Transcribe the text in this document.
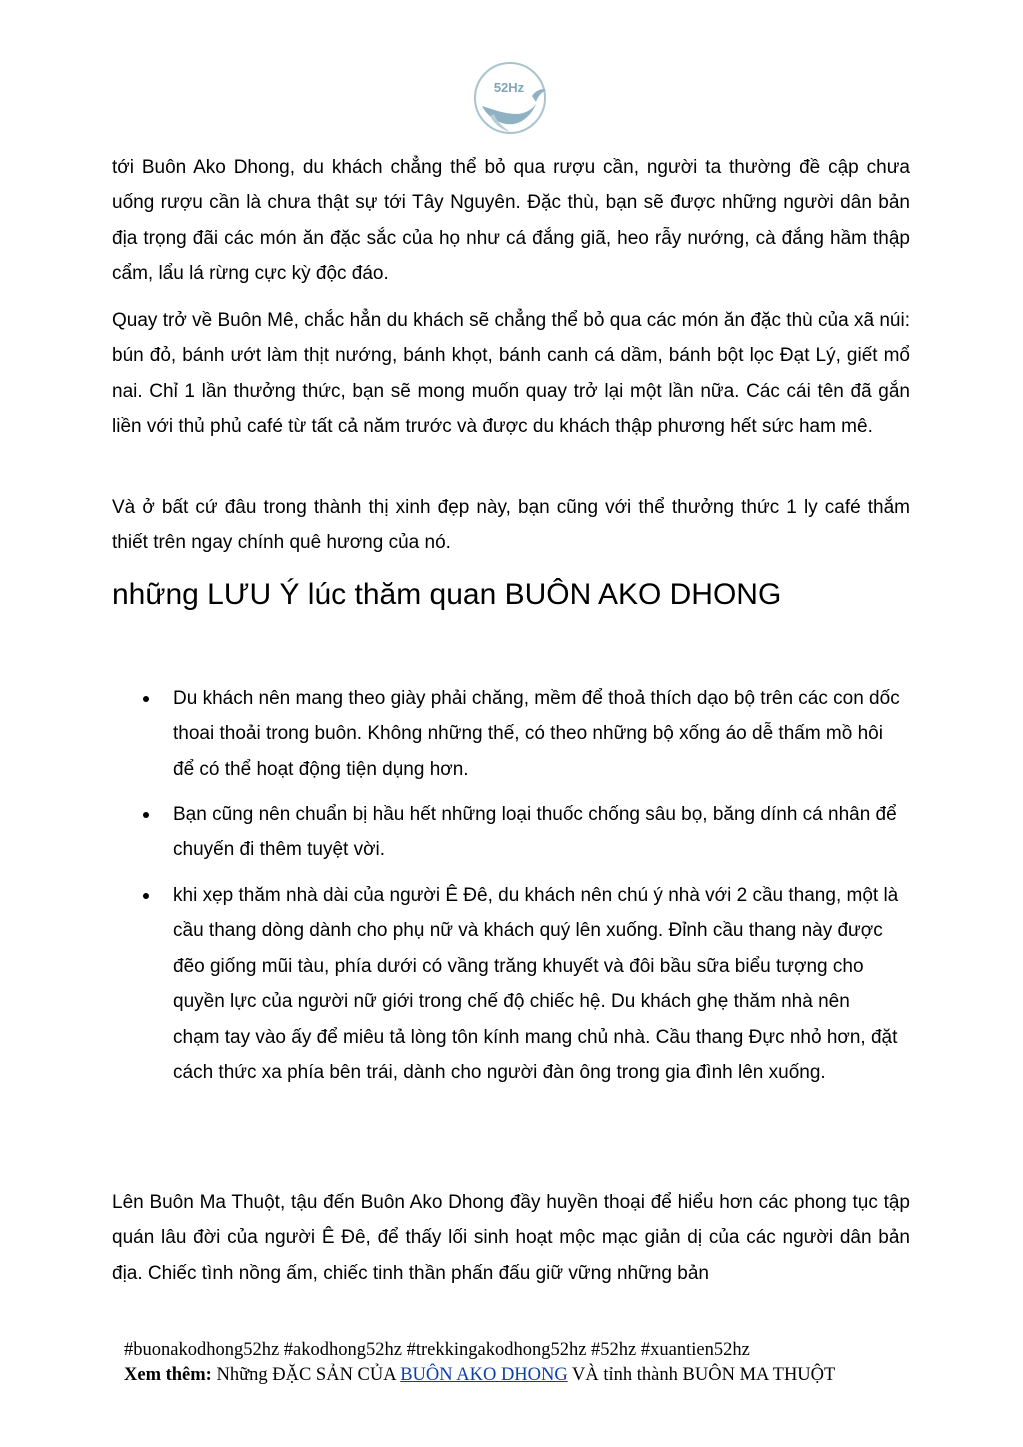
52Hz

tới Buôn Ako Dhong, du khách chẳng thể bỏ qua rượu cần, người ta thường đề cập chưa uống rượu cần là chưa thật sự tới Tây Nguyên. Đặc thù, bạn sẽ được những người dân bản địa trọng đãi các món ăn đặc sắc của họ như cá đắng giã, heo rẫy nướng, cà đắng hầm thập cẩm, lẩu lá rừng cực kỳ độc đáo.

Quay trở về Buôn Mê, chắc hẳn du khách sẽ chẳng thể bỏ qua các món ăn đặc thù của xã núi: bún đỏ, bánh ướt làm thịt nướng, bánh khọt, bánh canh cá dầm, bánh bột lọc Đạt Lý, giết mổ nai. Chỉ 1 lần thưởng thức, bạn sẽ mong muốn quay trở lại một lần nữa. Các cái tên đã gắn liền với thủ phủ café từ tất cả năm trước và được du khách thập phương hết sức ham mê.

Và ở bất cứ đâu trong thành thị xinh đẹp này, bạn cũng với thể thưởng thức 1 ly café thắm thiết trên ngay chính quê hương của nó.

những LƯU Ý lúc thăm quan BUÔN AKO DHONG
Du khách nên mang theo giày phải chăng, mềm để thoả thích dạo bộ trên các con dốc thoai thoải trong buôn. Không những thế, có theo những bộ xống áo dễ thấm mồ hôi để có thể hoạt động tiện dụng hơn.
Bạn cũng nên chuẩn bị hầu hết những loại thuốc chống sâu bọ, băng dính cá nhân để chuyến đi thêm tuyệt vời.
khi xẹp thăm nhà dài của người Ê Đê, du khách nên chú ý nhà với 2 cầu thang, một là cầu thang dòng dành cho phụ nữ và khách quý lên xuống. Đỉnh cầu thang này được đẽo giống mũi tàu, phía dưới có vầng trăng khuyết và đôi bầu sữa biểu tượng cho quyền lực của người nữ giới trong chế độ chiếc hệ. Du khách ghẹ thăm nhà nên chạm tay vào ấy để miêu tả lòng tôn kính mang chủ nhà. Cầu thang Đực nhỏ hơn, đặt cách thức xa phía bên trái, dành cho người đàn ông trong gia đình lên xuống.

Lên Buôn Ma Thuột, tậu đến Buôn Ako Dhong đầy huyền thoại để hiểu hơn các phong tục tập quán lâu đời của người Ê Đê, để thấy lối sinh hoạt mộc mạc giản dị của các người dân bản địa. Chiếc tình nồng ấm, chiếc tinh thần phấn đấu giữ vững những bản

#buonakodhong52hz #akodhong52hz #trekkingakodhong52hz #52hz #xuantien52hz
Xem thêm: Những ĐẶC SẢN CỦA BUÔN AKO DHONG VÀ tỉnh thành BUÔN MA THUỘT
